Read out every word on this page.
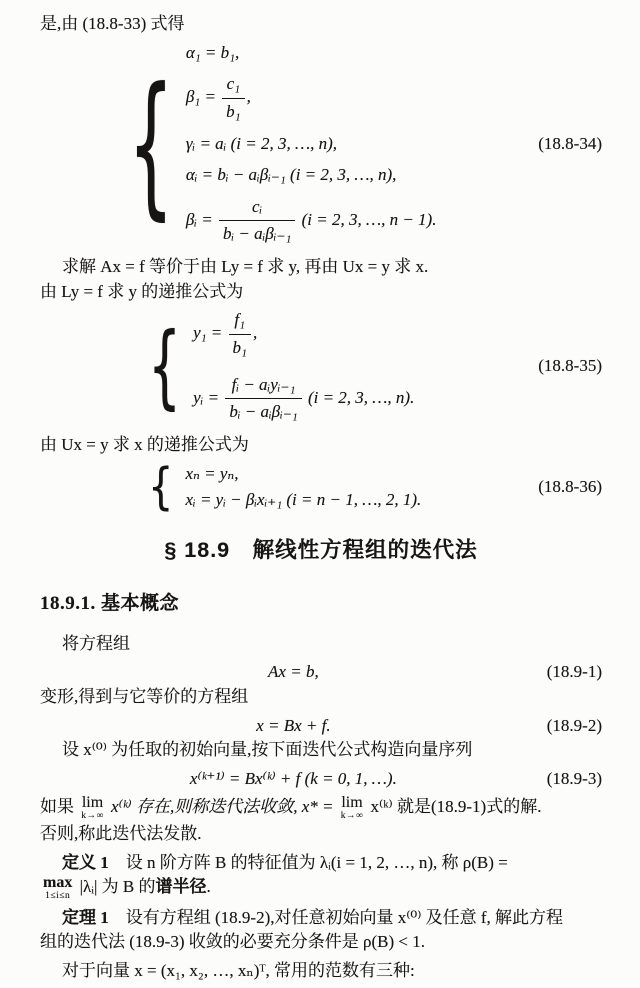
是,由 (18.8-33) 式得

{
α₁ = b₁,
$\beta_1 = \frac{\text{c₁}}{\text{b₁}}$ ,
γᵢ = aᵢ (i = 2, 3, …, n),
αᵢ = bᵢ − aᵢβᵢ₋₁ (i = 2, 3, …, n),
βᵢ = $\frac{\text{cᵢ}}{\text{bᵢ − aᵢβᵢ₋₁}} (i = 2$, 3, …, n − 1).
(18.8-34)

求解 Ax = f 等价于由 Ly = f 求 y, 再由 Ux = y 求 x.

由 Ly = f 求 y 的递推公式为

{ $y_1 = \frac{\text{f₁}}{\text{b₁}}$ ,
yᵢ = $\frac{\text{fᵢ − aᵢyᵢ₋₁}}{\text{bᵢ − aᵢβᵢ₋₁}} (i = 2$, 3, …, n).
(18.8-35)

由 Ux = y 求 x 的递推公式为

{ xₙ = yₙ,
xᵢ = yᵢ − βᵢxᵢ₊₁ (i = n − 1, …, 2, 1).
(18.8-36)
§ 18.9　解线性方程组的迭代法
18.9.1. 基本概念

将方程组

Ax = b,	(18.9-1)

变形,得到与它等价的方程组

x = Bx + f.	(18.9-2)

设 x⁽⁰⁾ 为任取的初始向量,按下面迭代公式构造向量序列

x⁽ᵏ⁺¹⁾ = Bx⁽ᵏ⁾ + f (k = 0, 1, …).	(18.9-3)

如果 lim
k→∞ x⁽ᵏ⁾ 存在,则称迭代法收敛, x* = lim
k→∞ x⁽ᵏ⁾ 就是(18.9-1)式的解.

否则,称此迭代法发散.

定义 1　设 n 阶方阵 B 的特征值为 λᵢ(i = 1, 2, …, n), 称 ρ(B) =

max
1≤i≤n |λᵢ| 为 B 的谱半径.

定理 1　设有方程组 (18.9-2),对任意初始向量 x⁽⁰⁾ 及任意 f, 解此方程

组的迭代法 (18.9-3) 收敛的必要充分条件是 ρ(B) < 1.

对于向量 x = (x₁, x₂, …, xₙ)ᵀ, 常用的范数有三种:
